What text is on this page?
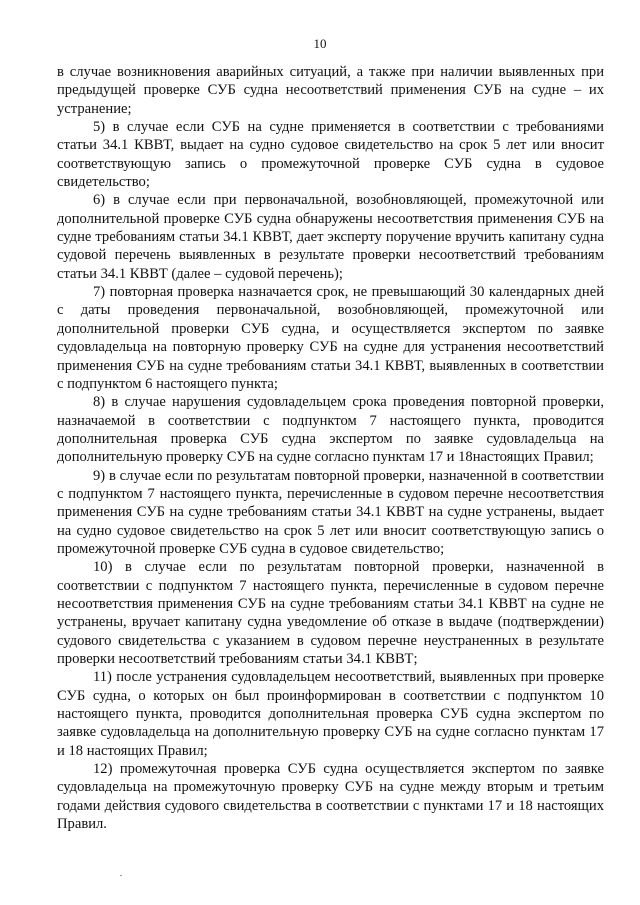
10

в случае возникновения аварийных ситуаций, а также при наличии выявленных при предыдущей проверке СУБ судна несоответствий применения СУБ на судне – их устранение;

5) в случае если СУБ на судне применяется в соответствии с требованиями статьи 34.1 КВВТ, выдает на судно судовое свидетельство на срок 5 лет или вносит соответствующую запись о промежуточной проверке СУБ судна в судовое свидетельство;

6) в случае если при первоначальной, возобновляющей, промежуточной или дополнительной проверке СУБ судна обнаружены несоответствия применения СУБ на судне требованиям статьи 34.1 КВВТ, дает эксперту поручение вручить капитану судна судовой перечень выявленных в результате проверки несоответствий требованиям статьи 34.1 КВВТ (далее – судовой перечень);

7) повторная проверка назначается срок, не превышающий 30 календарных дней с даты проведения первоначальной, возобновляющей, промежуточной или дополнительной проверки СУБ судна, и осуществляется экспертом по заявке судовладельца на повторную проверку СУБ на судне для устранения несоответствий применения СУБ на судне требованиям статьи 34.1 КВВТ, выявленных в соответствии с подпунктом 6 настоящего пункта;

8) в случае нарушения судовладельцем срока проведения повторной проверки, назначаемой в соответствии с подпунктом 7 настоящего пункта, проводится дополнительная проверка СУБ судна экспертом по заявке судовладельца на дополнительную проверку СУБ на судне согласно пунктам 17 и 18настоящих Правил;

9) в случае если по результатам повторной проверки, назначенной в соответствии с подпунктом 7 настоящего пункта, перечисленные в судовом перечне несоответствия применения СУБ на судне требованиям статьи 34.1 КВВТ на судне устранены, выдает на судно судовое свидетельство на срок 5 лет или вносит соответствующую запись о промежуточной проверке СУБ судна в судовое свидетельство;

10) в случае если по результатам повторной проверки, назначенной в соответствии с подпунктом 7 настоящего пункта, перечисленные в судовом перечне несоответствия применения СУБ на судне требованиям статьи 34.1 КВВТ на судне не устранены, вручает капитану судна уведомление об отказе в выдаче (подтверждении) судового свидетельства с указанием в судовом перечне неустраненных в результате проверки несоответствий требованиям статьи 34.1 КВВТ;

11) после устранения судовладельцем несоответствий, выявленных при проверке СУБ судна, о которых он был проинформирован в соответствии с подпунктом 10 настоящего пункта, проводится дополнительная проверка СУБ судна экспертом по заявке судовладельца на дополнительную проверку СУБ на судне согласно пунктам 17 и 18 настоящих Правил;

12) промежуточная проверка СУБ судна осуществляется экспертом по заявке судовладельца на промежуточную проверку СУБ на судне между вторым и третьим годами действия судового свидетельства в соответствии с пунктами 17 и 18 настоящих Правил.
